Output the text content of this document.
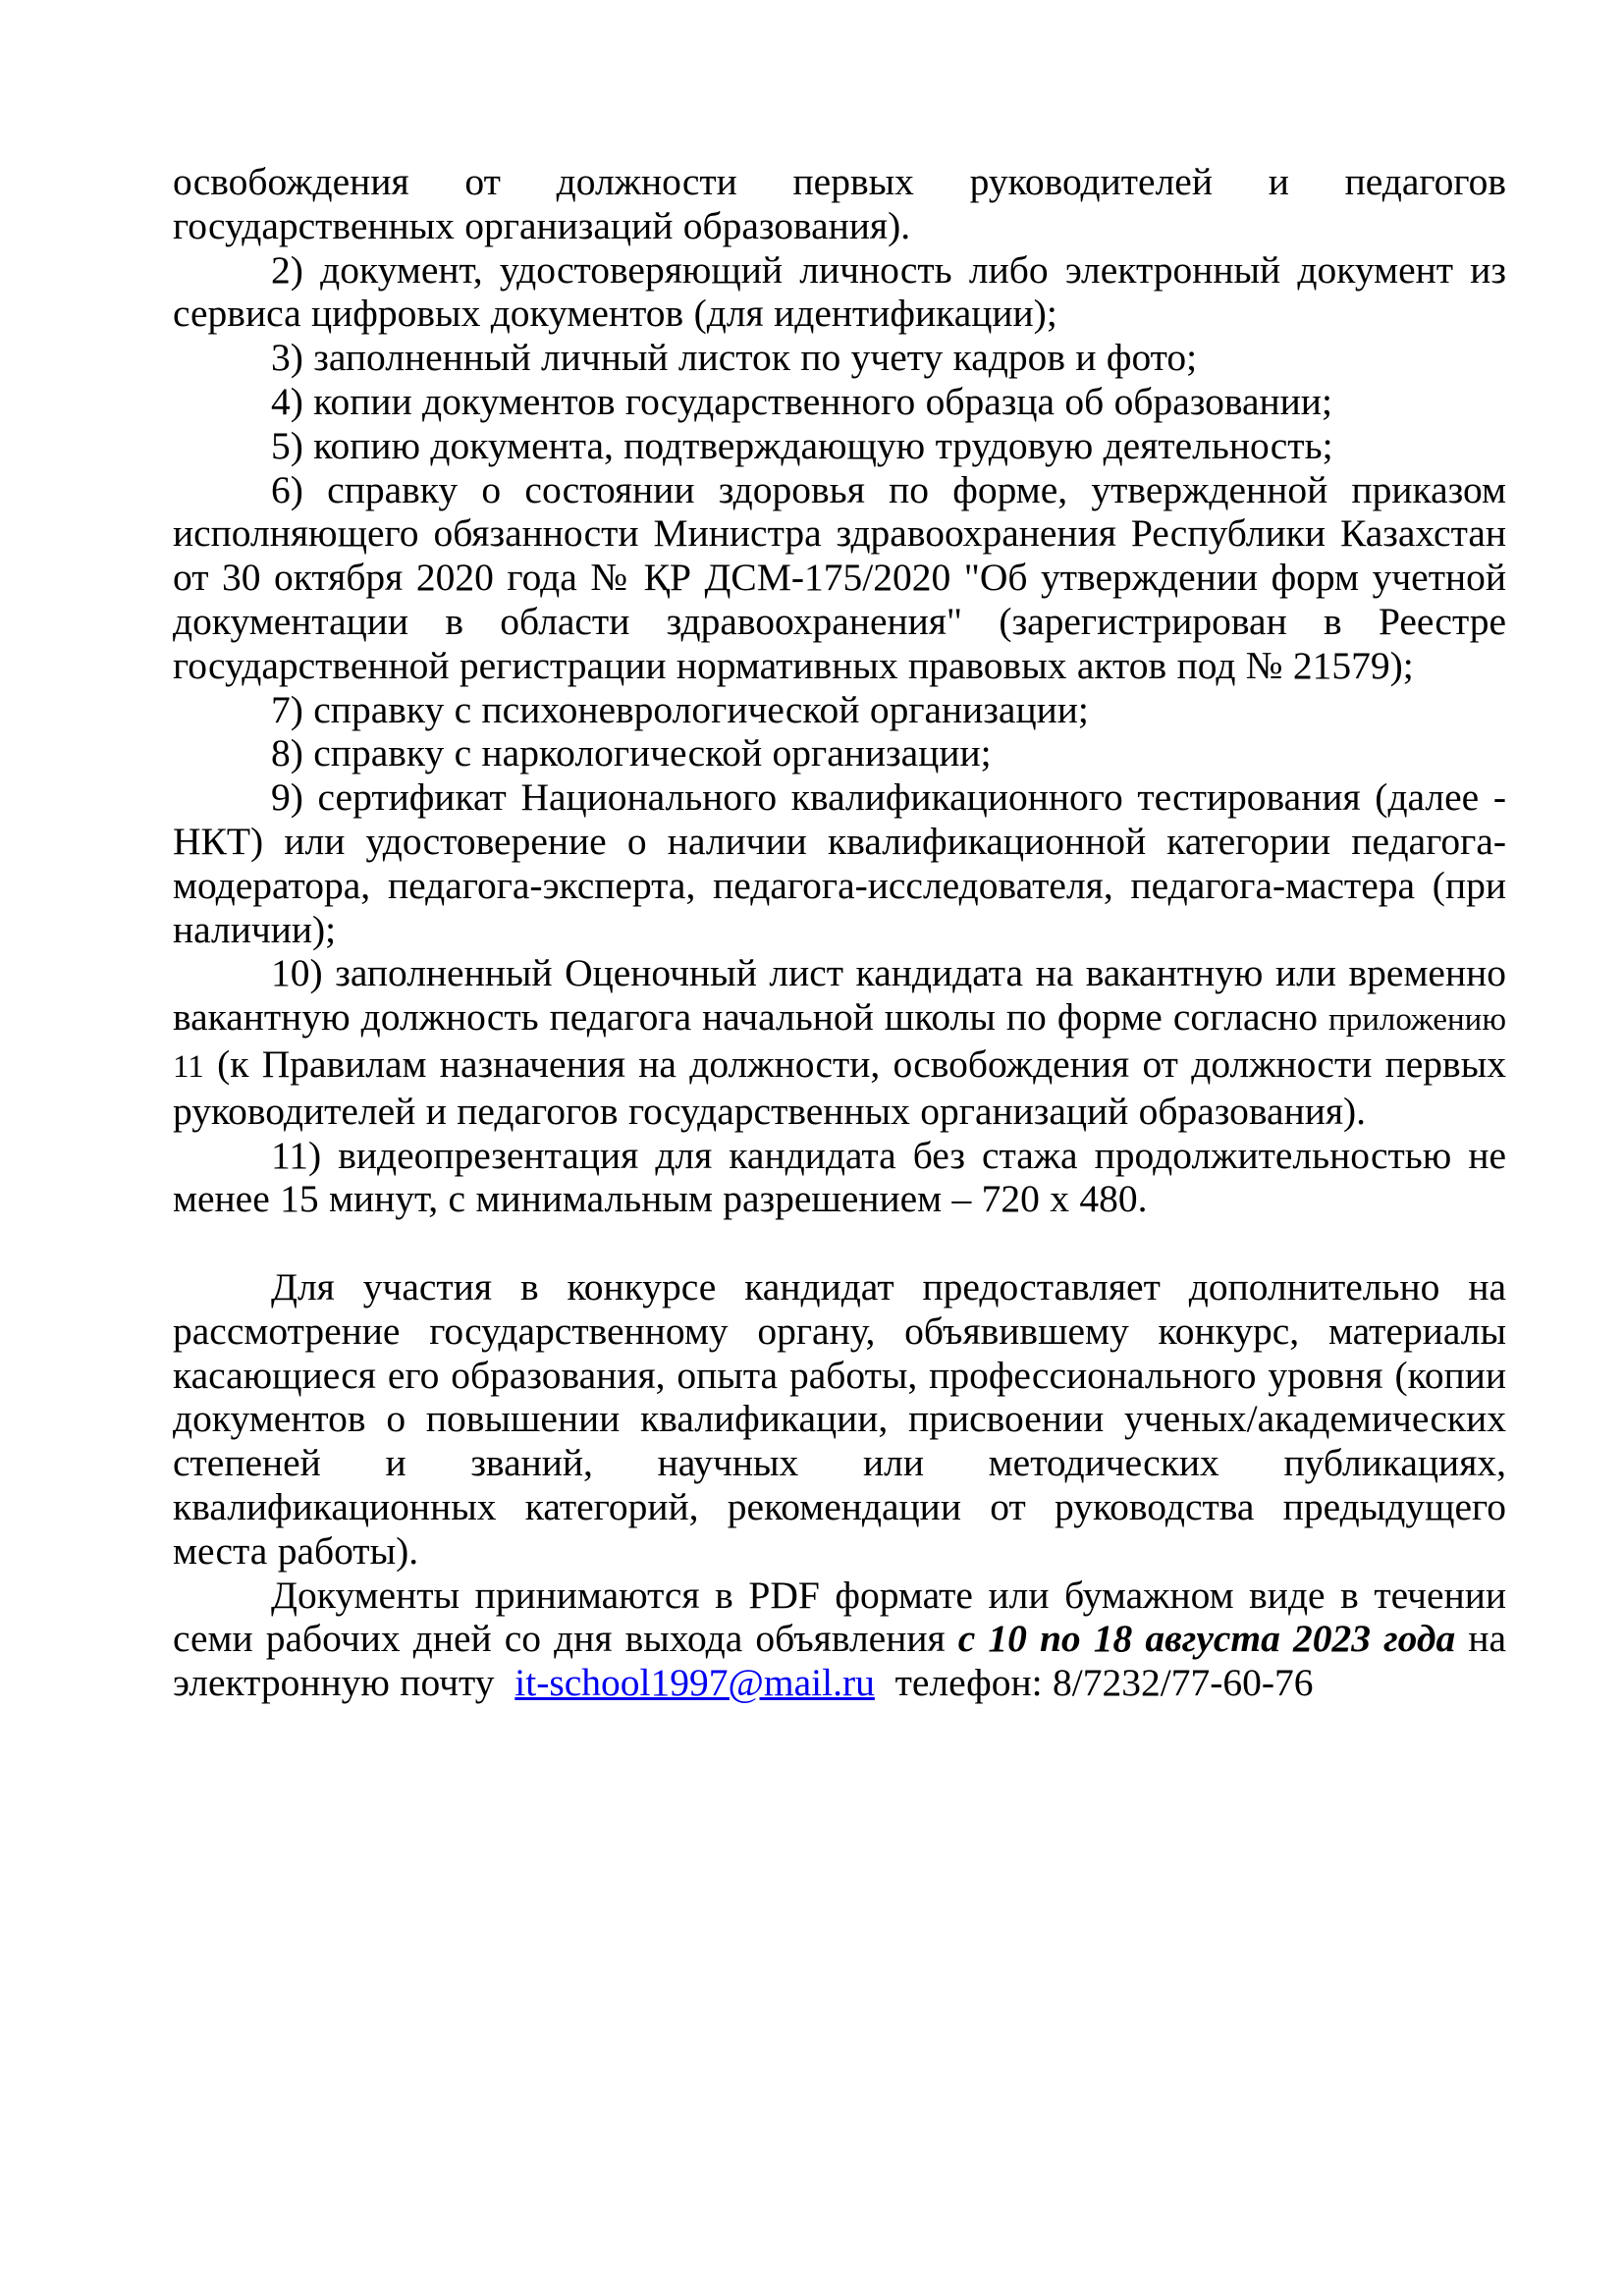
освобождения от должности первых руководителей и педагогов государственных организаций образования).

2) документ, удостоверяющий личность либо электронный документ из сервиса цифровых документов (для идентификации);

3) заполненный личный листок по учету кадров и фото;

4) копии документов государственного образца об образовании;

5) копию документа, подтверждающую трудовую деятельность;

6) справку о состоянии здоровья по форме, утвержденной приказом исполняющего обязанности Министра здравоохранения Республики Казахстан от 30 октября 2020 года № ҚР ДСМ-175/2020 "Об утверждении форм учетной документации в области здравоохранения" (зарегистрирован в Реестре государственной регистрации нормативных правовых актов под № 21579);

7) справку с психоневрологической организации;

8) справку с наркологической организации;

9) сертификат Национального квалификационного тестирования (далее - НКТ) или удостоверение о наличии квалификационной категории педагога-модератора, педагога-эксперта, педагога-исследователя, педагога-мастера (при наличии);

10) заполненный Оценочный лист кандидата на вакантную или временно вакантную должность педагога начальной школы по форме согласно приложению 11 (к Правилам назначения на должности, освобождения от должности первых руководителей и педагогов государственных организаций образования).

11) видеопрезентация для кандидата без стажа продолжительностью не менее 15 минут, с минимальным разрешением – 720 х 480.

Для участия в конкурсе кандидат предоставляет дополнительно на рассмотрение государственному органу, объявившему конкурс, материалы касающиеся его образования, опыта работы, профессионального уровня (копии документов о повышении квалификации, присвоении ученых/академических степеней и званий, научных или методических публикациях, квалификационных категорий, рекомендации от руководства предыдущего места работы).

Документы принимаются в PDF формате или бумажном виде в течении семи рабочих дней со дня выхода объявления с 10 по 18 августа 2023 года на электронную почту  it-school1997@mail.ru  телефон: 8/7232/77-60-76
